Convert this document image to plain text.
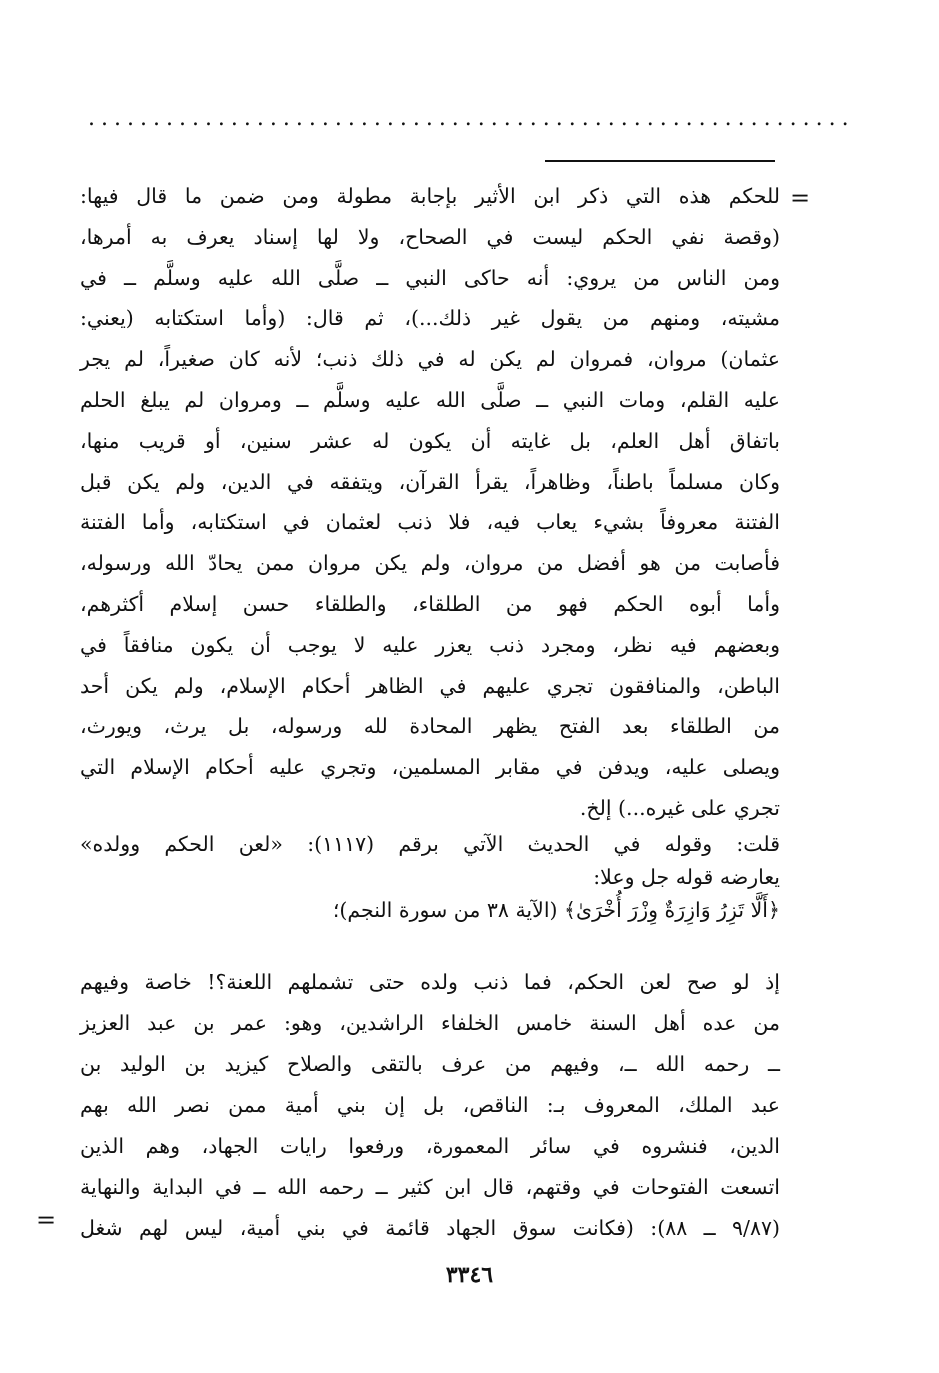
...........................................................
=
للحكم هذه التي ذكر ابن الأثير بإجابة مطولة ومن ضمن ما قال فيها:
(وقصة نفي الحكم ليست في الصحاح، ولا لها إسناد يعرف به أمرها،
ومن الناس من يروي: أنه حاكى النبي ــ صلَّى الله عليه وسلَّم ــ في
مشيته، ومنهم من يقول غير ذلك...)، ثم قال: (وأما استكتابه (يعني:
عثمان) مروان، فمروان لم يكن له في ذلك ذنب؛ لأنه كان صغيراً، لم يجر
عليه القلم، ومات النبي ــ صلَّى الله عليه وسلَّم ــ ومروان لم يبلغ الحلم
باتفاق أهل العلم، بل غايته أن يكون له عشر سنين، أو قريب منها،
وكان مسلماً باطناً، وظاهراً، يقرأ القرآن، ويتفقه في الدين، ولم يكن قبل
الفتنة معروفاً بشيء يعاب فيه، فلا ذنب لعثمان في استكتابه، وأما الفتنة
فأصابت من هو أفضل من مروان، ولم يكن مروان ممن يحادّ الله ورسوله،
وأما أبوه الحكم فهو من الطلقاء، والطلقاء حسن إسلام أكثرهم،
وبعضهم فيه نظر، ومجرد ذنب يعزر عليه لا يوجب أن يكون منافقاً في
الباطن، والمنافقون تجري عليهم في الظاهر أحكام الإسلام، ولم يكن أحد
من الطلقاء بعد الفتح يظهر المحادة لله ورسوله، بل يرث، ويورث،
ويصلى عليه، ويدفن في مقابر المسلمين، وتجري عليه أحكام الإسلام التي
تجري على غيره...) إلخ.
قلت: وقوله في الحديث الآتي برقم (١١١٧): «لعن الحكم وولده»
يعارضه قوله جل وعلا:
﴿أَلَّا تَزِرُ وَازِرَةٌ وِزْرَ أُخْرَىٰ﴾ (الآية ٣٨ من سورة النجم)؛
إذ لو صح لعن الحكم، فما ذنب ولده حتى تشملهم اللعنة؟! خاصة وفيهم
من عده أهل السنة خامس الخلفاء الراشدين، وهو: عمر بن عبد العزيز
ــ رحمه الله ــ، وفيهم من عرف بالتقى والصلاح كيزيد بن الوليد بن
عبد الملك، المعروف بـ: الناقص، بل إن بني أمية ممن نصر الله بهم
الدين، فنشروه في سائر المعمورة، ورفعوا رايات الجهاد، وهم الذين
اتسعت الفتوحات في وقتهم، قال ابن كثير ــ رحمه الله ــ في البداية والنهاية
(٩/٨٧ ــ ٨٨): (فكانت سوق الجهاد قائمة في بني أمية، ليس لهم شغل
=
٣٣٤٦
